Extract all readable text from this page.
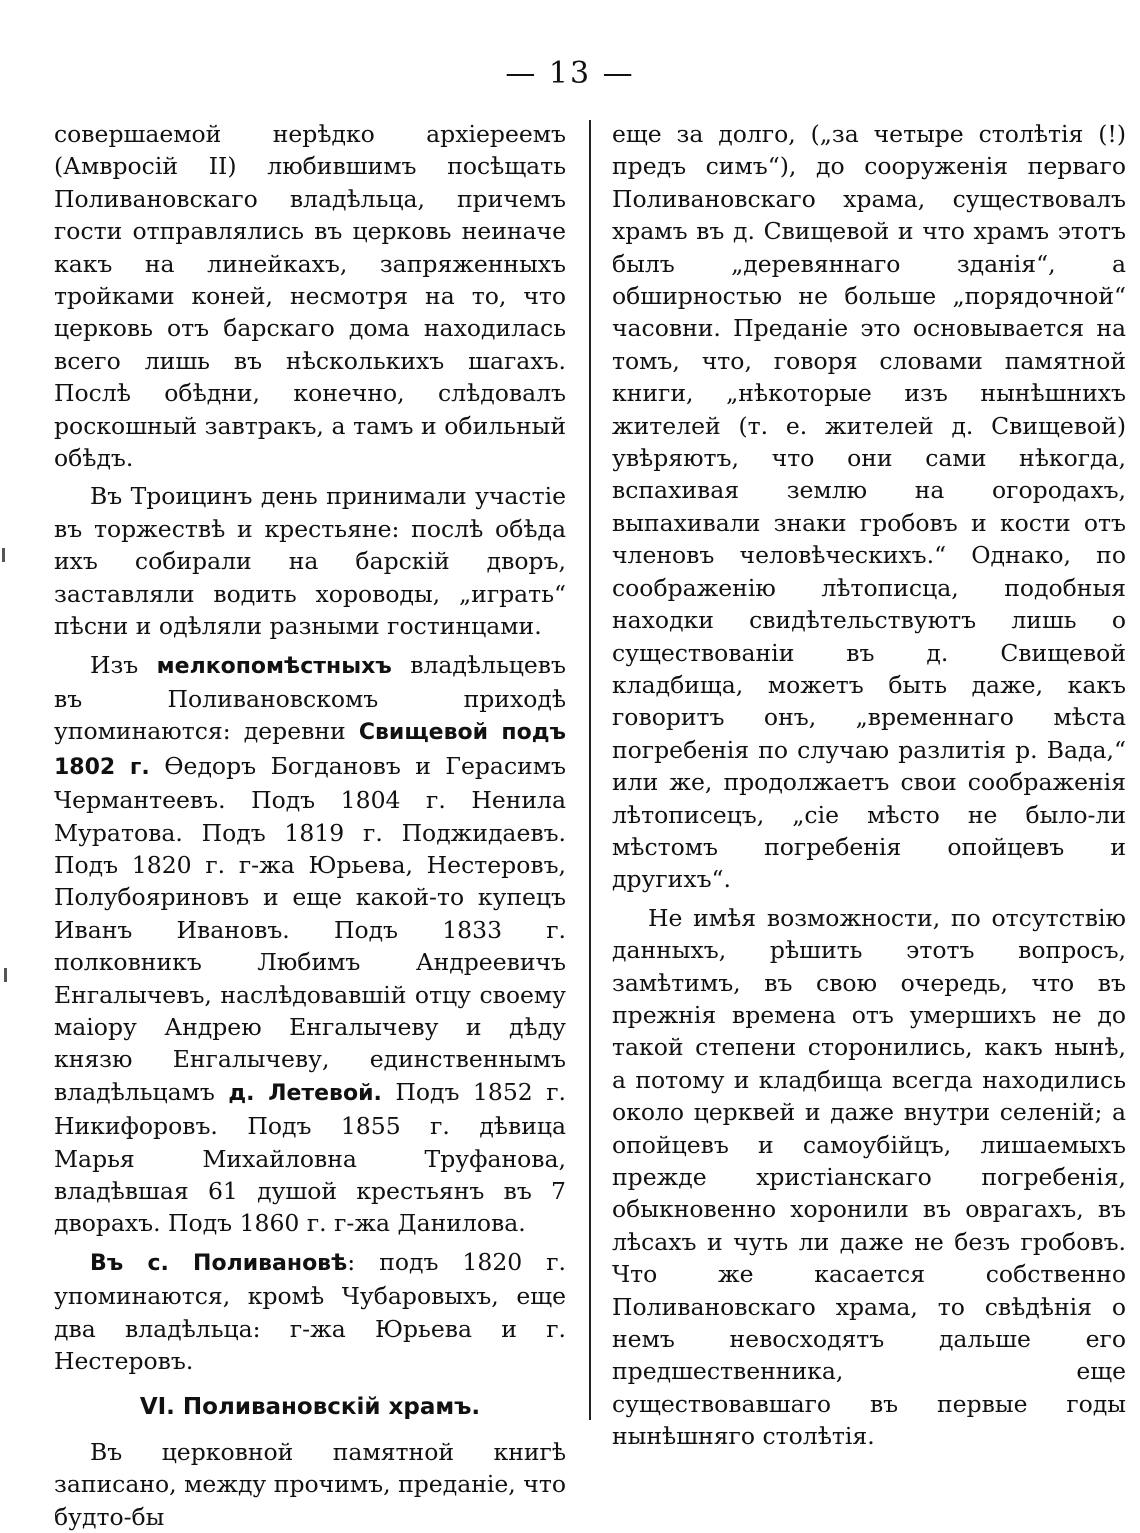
— 13 —

совершаемой нерѣдко архіереемъ (Амвросій II) любившимъ посѣщать Поливановскаго владѣльца, причемъ гости отправлялись въ церковь неиначе какъ на линейкахъ, запряженныхъ тройками коней, несмотря на то, что церковь отъ барскаго дома находилась всего лишь въ нѣсколькихъ шагахъ. Послѣ обѣдни, конечно, слѣдовалъ роскошный завтракъ, а тамъ и обильный обѣдъ.

Въ Троицинъ день принимали участіе въ торжествѣ и крестьяне: послѣ обѣда ихъ собирали на барскій дворъ, заставляли водить хороводы, „играть“ пѣсни и одѣляли разными гостинцами.

Изъ мелкопомѣстныхъ владѣльцевъ въ Поливановскомъ приходѣ упоминаются: деревни Свищевой подъ 1802 г. Ѳедоръ Богдановъ и Герасимъ Чермантеевъ. Подъ 1804 г. Ненила Муратова. Подъ 1819 г. Поджидаевъ. Подъ 1820 г. г-жа Юрьева, Нестеровъ, Полубояриновъ и еще какой-то купецъ Иванъ Ивановъ. Подъ 1833 г. полковникъ Любимъ Андреевичъ Енгалычевъ, наслѣдовавшій отцу своему маіору Андрею Енгалычеву и дѣду князю Енгалычеву, единственнымъ владѣльцамъ д. Летевой. Подъ 1852 г. Никифоровъ. Подъ 1855 г. дѣвица Марья Михайловна Труфанова, владѣвшая 61 душой крестьянъ въ 7 дворахъ. Подъ 1860 г. г-жа Данилова.

Въ с. Поливановѣ: подъ 1820 г. упоминаются, кромѣ Чубаровыхъ, еще два владѣльца: г-жа Юрьева и г. Нестеровъ.

VI. Поливановскій храмъ.

Въ церковной памятной книгѣ записано, между прочимъ, преданіе, что будто-бы

еще за долго, („за четыре столѣтія (!) предъ симъ“), до сооруженія перваго Поливановскаго храма, существовалъ храмъ въ д. Свищевой и что храмъ этотъ былъ „деревяннаго зданія“, а обширностью не больше „порядочной“ часовни. Преданіе это основывается на томъ, что, говоря словами памятной книги, „нѣкоторые изъ нынѣшнихъ жителей (т. е. жителей д. Свищевой) увѣряютъ, что они сами нѣкогда, вспахивая землю на огородахъ, выпахивали знаки гробовъ и кости отъ членовъ человѣческихъ.“ Однако, по соображенію лѣтописца, подобныя находки свидѣтельствуютъ лишь о существованіи въ д. Свищевой кладбища, можетъ быть даже, какъ говоритъ онъ, „временнаго мѣста погребенія по случаю разлитія р. Вада,“ или же, продолжаетъ свои соображенія лѣтописецъ, „сіе мѣсто не было-ли мѣстомъ погребенія опойцевъ и другихъ“.

Не имѣя возможности, по отсутствію данныхъ, рѣшить этотъ вопросъ, замѣтимъ, въ свою очередь, что въ прежнія времена отъ умершихъ не до такой степени сторонились, какъ нынѣ, а потому и кладбища всегда находились около церквей и даже внутри селеній; а опойцевъ и самоубійцъ, лишаемыхъ прежде христіанскаго погребенія, обыкновенно хоронили въ оврагахъ, въ лѣсахъ и чуть ли даже не безъ гробовъ. Что же касается собственно Поливановскаго храма, то свѣдѣнія о немъ невосходятъ дальше его предшественника, еще существовавшаго въ первые годы нынѣшняго столѣтія.
